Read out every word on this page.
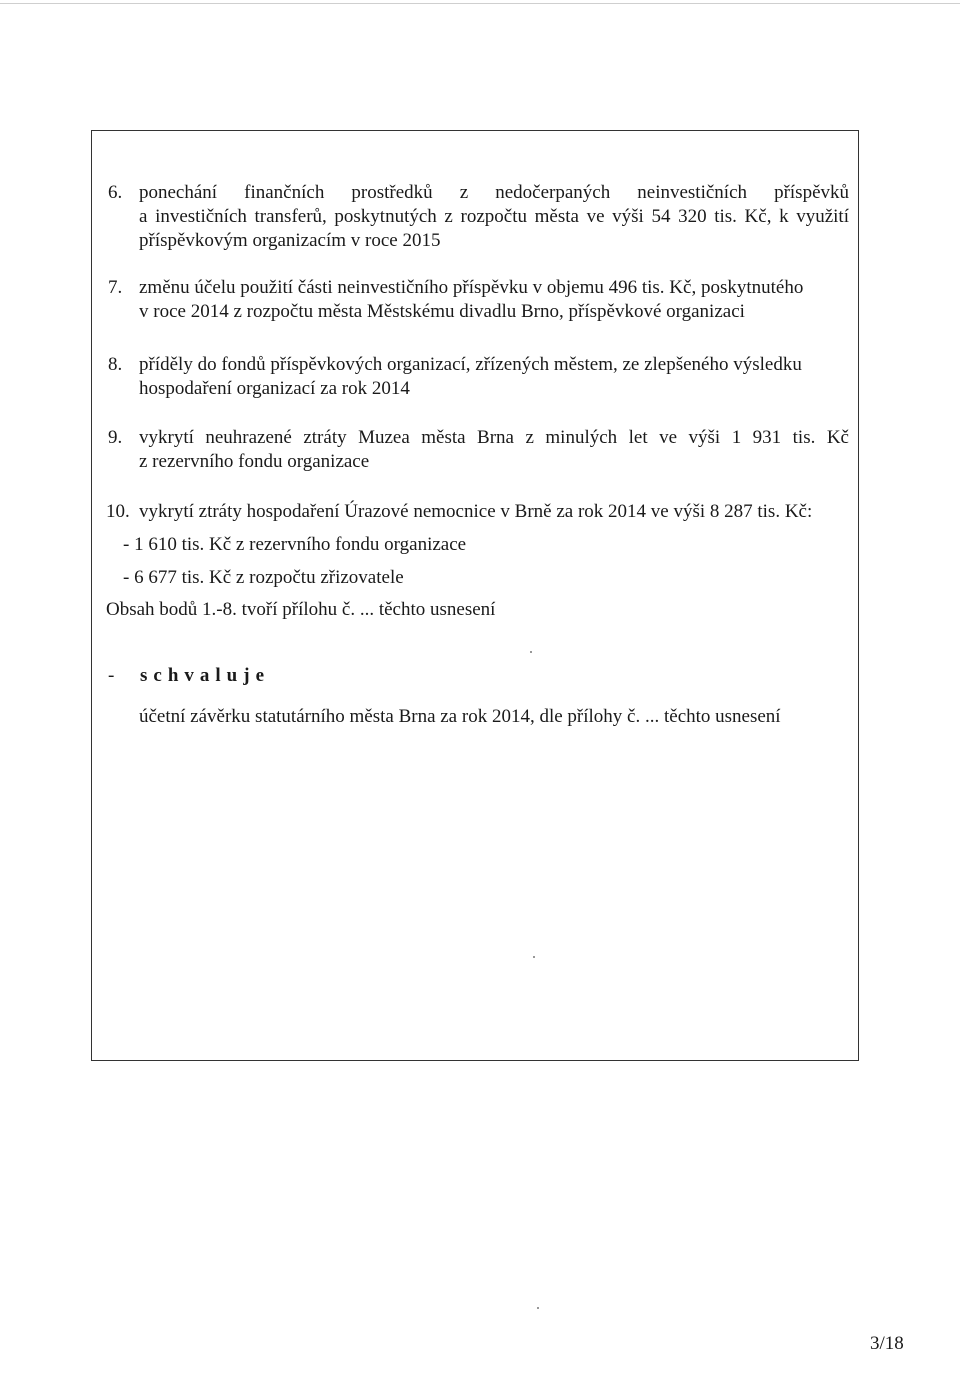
6. ponechání finančních prostředků z nedočerpaných neinvestičních příspěvků

a investičních transferů, poskytnutých z rozpočtu města ve výši 54 320 tis. Kč, k využití

příspěvkovým organizacím v roce 2015

7. změnu účelu použití části neinvestičního příspěvku v objemu 496 tis. Kč, poskytnutého

v roce 2014 z rozpočtu města Městskému divadlu Brno, příspěvkové organizaci

8. příděly do fondů příspěvkových organizací, zřízených městem, ze zlepšeného výsledku

hospodaření organizací za rok 2014

9. vykrytí neuhrazené ztráty Muzea města Brna z minulých let ve výši 1 931 tis. Kč

z rezervního fondu organizace

10. vykrytí ztráty hospodaření Úrazové nemocnice v Brně za rok 2014 ve výši 8 287 tis. Kč:

- 1 610 tis. Kč z rezervního fondu organizace

- 6 677 tis. Kč z rozpočtu zřizovatele

Obsah bodů 1.-8. tvoří přílohu č. ... těchto usnesení

- schvaluje

účetní závěrku statutárního města Brna za rok 2014, dle přílohy č. ... těchto usnesení

3/18
